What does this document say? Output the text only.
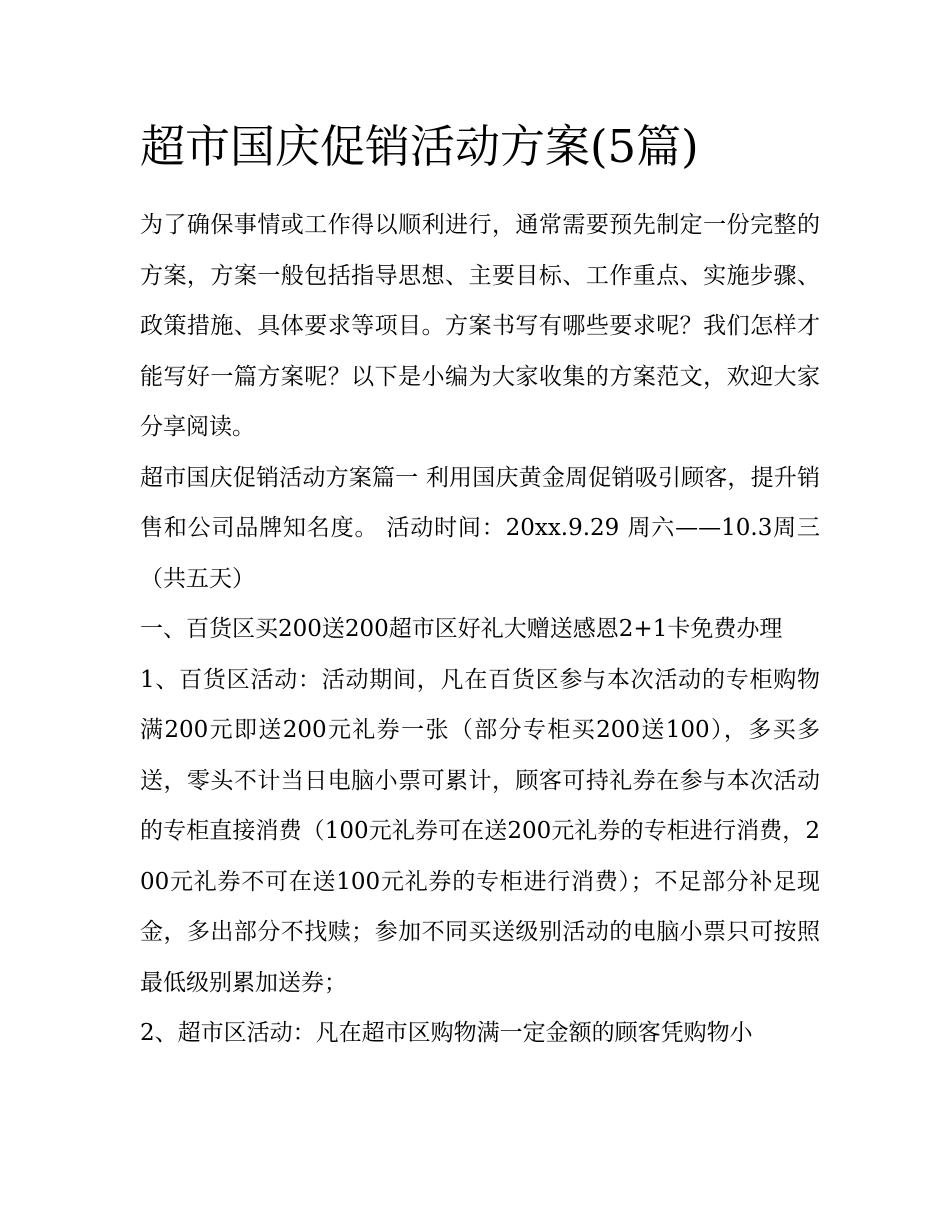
超市国庆促销活动方案(5篇)

为了确保事情或工作得以顺利进行，通常需要预先制定一份完整的方案，方案一般包括指导思想、主要目标、工作重点、实施步骤、政策措施、具体要求等项目。方案书写有哪些要求呢？我们怎样才能写好一篇方案呢？以下是小编为大家收集的方案范文，欢迎大家分享阅读。

超市国庆促销活动方案篇一 利用国庆黄金周促销吸引顾客，提升销售和公司品牌知名度。 活动时间：20xx.9.29 周六——10.3周三（共五天）

一、百货区买200送200超市区好礼大赠送感恩2+1卡免费办理

1、百货区活动：活动期间，凡在百货区参与本次活动的专柜购物满200元即送200元礼券一张（部分专柜买200送100），多买多送，零头不计当日电脑小票可累计，顾客可持礼券在参与本次活动的专柜直接消费（100元礼券可在送200元礼券的专柜进行消费，200元礼券不可在送100元礼券的专柜进行消费）；不足部分补足现金，多出部分不找赎；参加不同买送级别活动的电脑小票只可按照最低级别累加送券；

2、超市区活动：凡在超市区购物满一定金额的顾客凭购物小
